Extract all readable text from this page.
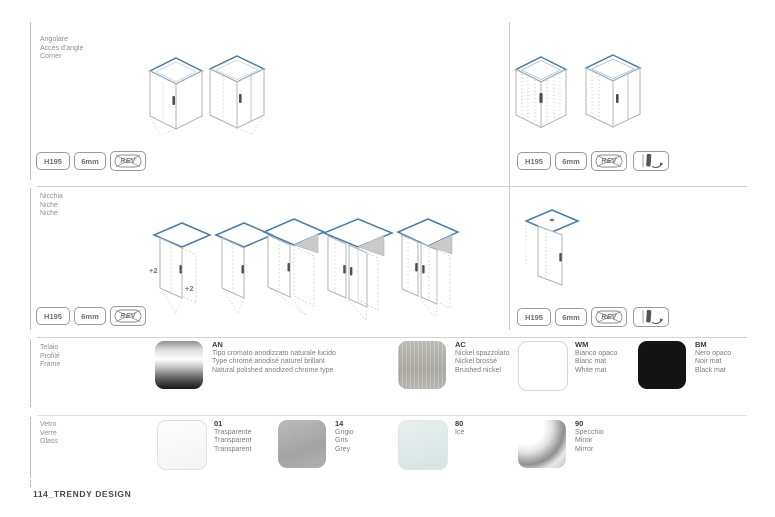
Angolare
Accès d'angle
Corner
Nicchia
Niche
Niche
Telaio
Profilé
Frame
Vetro
Verre
Glass
H195	6mm	REV	H195	6mm	REV
+2
+2
H195	6mm	REV	H195	6mm	REV
AN
Tipo cromato anodizzato naturale lucido
Type chromé anodisé naturel brillant
Natural polished anodized chrome type
AC
Nickel spazzolato
Nickel brossé
Brushed nickel
WM
Bianco opaco
Blanc mat
White mat
BM
Nero opaco
Noir mat
Black mat
01
Trasparente
Transparent
Transparent
14
Grigio
Gris
Grey
80
Ice
90
Specchio
Miroir
Mirror
114_TRENDY DESIGN
